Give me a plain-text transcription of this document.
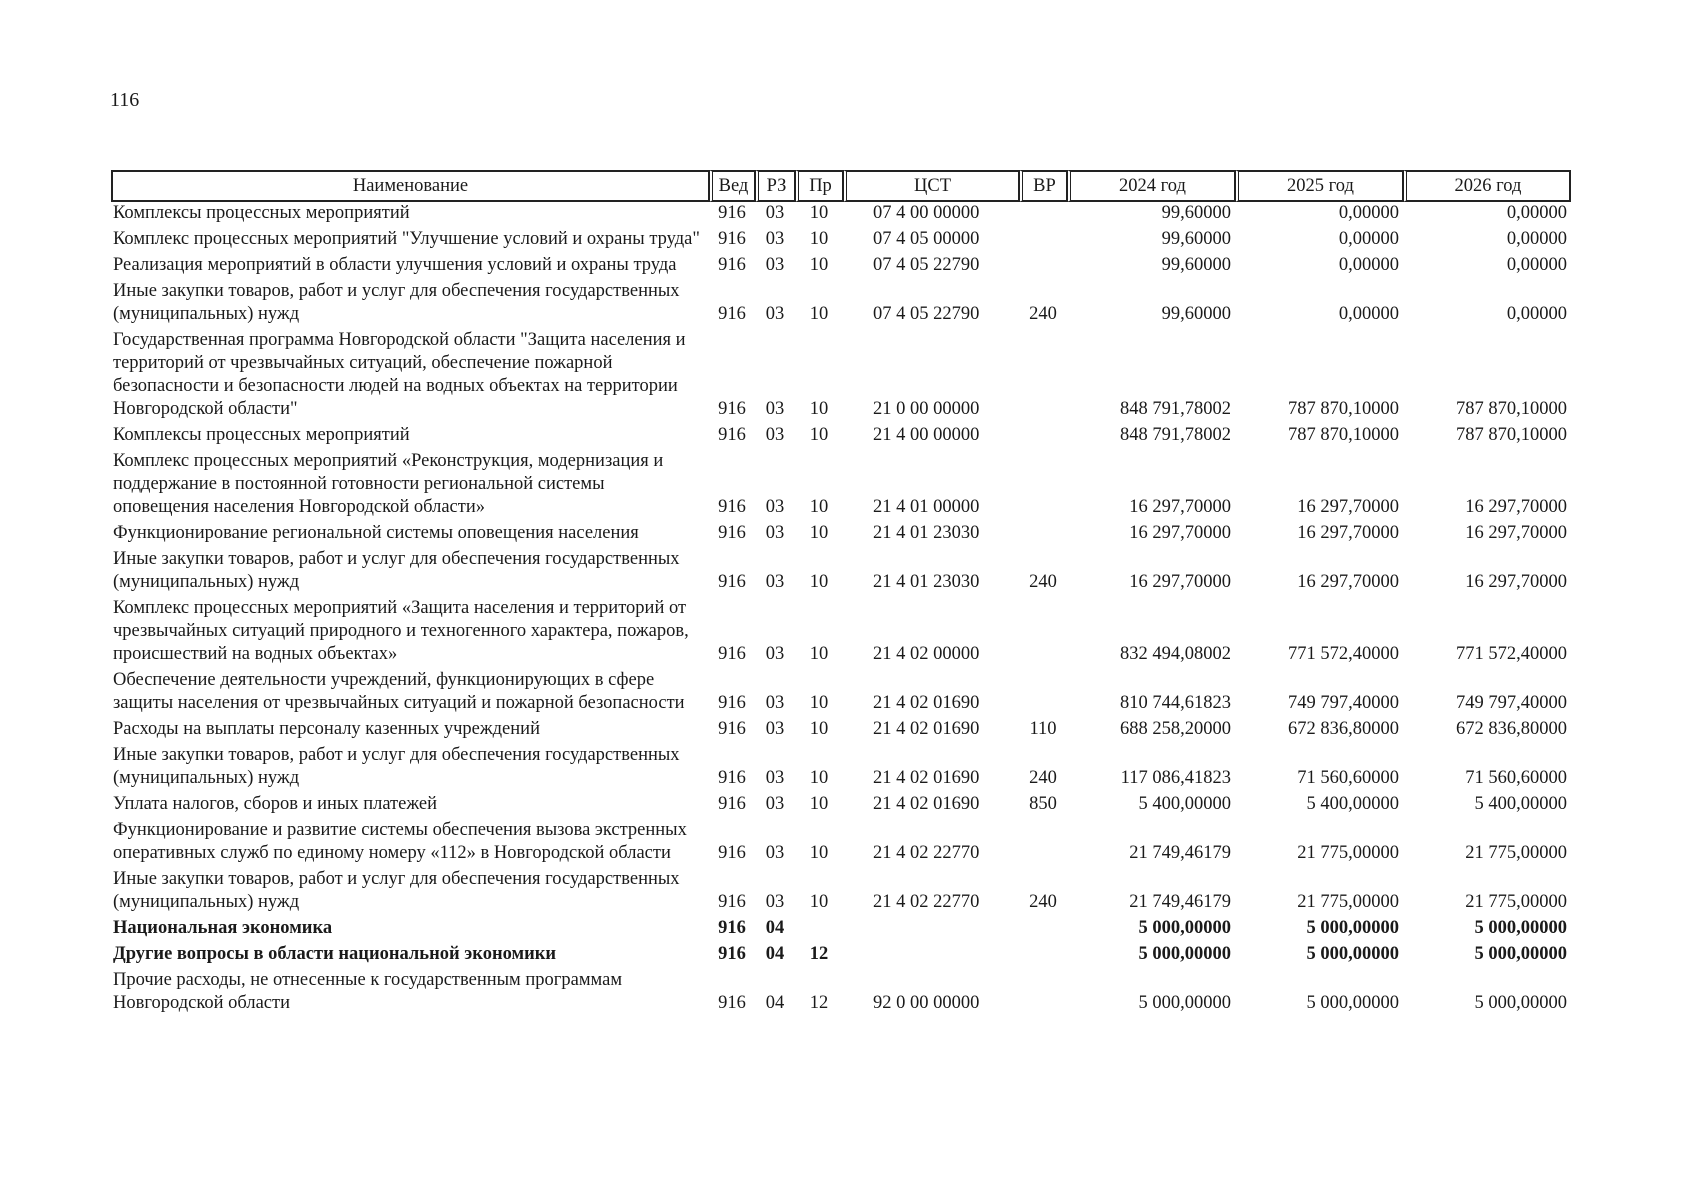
116
Наименование	Вед	РЗ	Пр	ЦСТ	ВР	2024 год	2025 год	2026 год
Комплексы процессных мероприятий	916	03	10	07 4 00 00000		99,60000	0,00000	0,00000
Комплекс процессных мероприятий "Улучшение условий и охраны труда"	916	03	10	07 4 05 00000		99,60000	0,00000	0,00000
Реализация мероприятий в области улучшения условий и охраны труда	916	03	10	07 4 05 22790		99,60000	0,00000	0,00000
Иные закупки товаров, работ и услуг для обеспечения государственных (муниципальных) нужд	916	03	10	07 4 05 22790	240	99,60000	0,00000	0,00000
Государственная программа Новгородской области "Защита населения и территорий от чрезвычайных ситуаций, обеспечение пожарной безопасности и безопасности людей на водных объектах на территории Новгородской области"	916	03	10	21 0 00 00000		848 791,78002	787 870,10000	787 870,10000
Комплексы процессных мероприятий	916	03	10	21 4 00 00000		848 791,78002	787 870,10000	787 870,10000
Комплекс процессных мероприятий «Реконструкция, модернизация и поддержание в постоянной готовности региональной системы оповещения населения Новгородской области»	916	03	10	21 4 01 00000		16 297,70000	16 297,70000	16 297,70000
Функционирование региональной системы оповещения населения	916	03	10	21 4 01 23030		16 297,70000	16 297,70000	16 297,70000
Иные закупки товаров, работ и услуг для обеспечения государственных (муниципальных) нужд	916	03	10	21 4 01 23030	240	16 297,70000	16 297,70000	16 297,70000
Комплекс процессных мероприятий «Защита населения и территорий от чрезвычайных ситуаций природного и техногенного характера, пожаров, происшествий на водных объектах»	916	03	10	21 4 02 00000		832 494,08002	771 572,40000	771 572,40000
Обеспечение деятельности учреждений, функционирующих в сфере защиты населения от чрезвычайных ситуаций и пожарной безопасности	916	03	10	21 4 02 01690		810 744,61823	749 797,40000	749 797,40000
Расходы на выплаты персоналу казенных учреждений	916	03	10	21 4 02 01690	110	688 258,20000	672 836,80000	672 836,80000
Иные закупки товаров, работ и услуг для обеспечения государственных (муниципальных) нужд	916	03	10	21 4 02 01690	240	117 086,41823	71 560,60000	71 560,60000
Уплата налогов, сборов и иных платежей	916	03	10	21 4 02 01690	850	5 400,00000	5 400,00000	5 400,00000
Функционирование и развитие системы обеспечения вызова экстренных оперативных служб по единому номеру «112» в Новгородской области	916	03	10	21 4 02 22770		21 749,46179	21 775,00000	21 775,00000
Иные закупки товаров, работ и услуг для обеспечения государственных (муниципальных) нужд	916	03	10	21 4 02 22770	240	21 749,46179	21 775,00000	21 775,00000
Национальная экономика	916	04				5 000,00000	5 000,00000	5 000,00000
Другие вопросы в области национальной экономики	916	04	12			5 000,00000	5 000,00000	5 000,00000
Прочие расходы, не отнесенные к государственным программам Новгородской области	916	04	12	92 0 00 00000		5 000,00000	5 000,00000	5 000,00000
